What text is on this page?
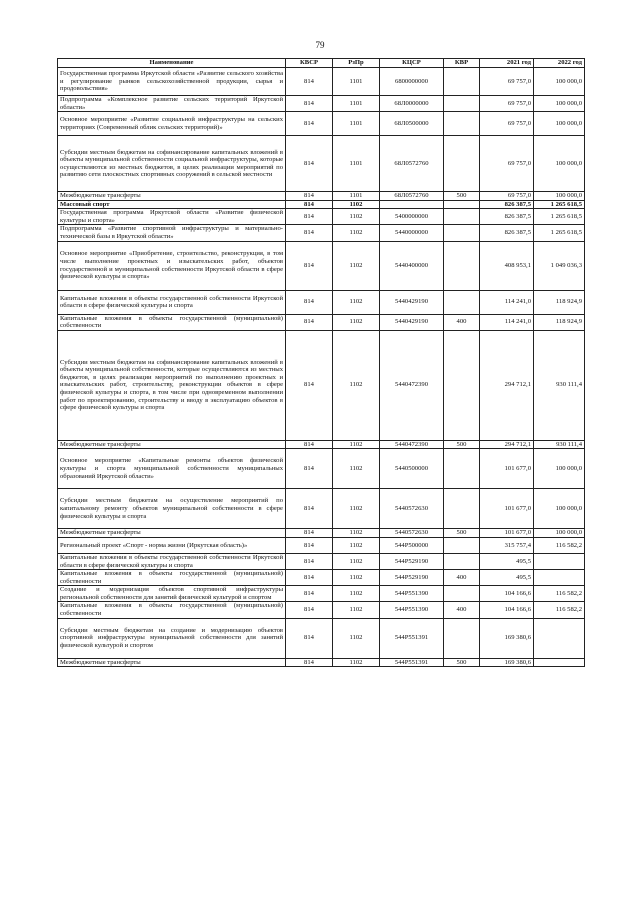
79
Наименование	КВСР	РзПр	КЦСР	КВР	2021 год	2022 год
Государственная программа Иркутской области «Развитие сельского хозяйства и регулирование рынков сельскохозяйственной продукции, сырья и продовольствия»	814	1101	6800000000		69 757,0	100 000,0
Подпрограмма «Комплексное развитие сельских территорий Иркутской области»	814	1101	68Л0000000		69 757,0	100 000,0
Основное мероприятие «Развитие социальной инфраструктуры на сельских территориях (Современный облик сельских территорий)»	814	1101	68Л0500000		69 757,0	100 000,0
Субсидии местным бюджетам на софинансирование капитальных вложений в объекты муниципальной собственности социальной инфраструктуры, которые осуществляются из местных бюджетов, в целях реализации мероприятий по развитию сети плоскостных спортивных сооружений в сельской местности	814	1101	68Л0572760		69 757,0	100 000,0
Межбюджетные трансферты	814	1101	68Л0572760	500	69 757,0	100 000,0
Массовый спорт	814	1102			826 387,5	1 265 618,5
Государственная программа Иркутской области «Развитие физической культуры и спорта»	814	1102	5400000000		826 387,5	1 265 618,5
Подпрограмма «Развитие спортивной инфраструктуры и материально- технической базы в Иркутской области»	814	1102	5440000000		826 387,5	1 265 618,5
Основное мероприятие «Приобретение, строительство, реконструкция, в том числе выполнение проектных и изыскательских работ, объектов государственной и муниципальной собственности Иркутской области в сфере физической культуры и спорта»	814	1102	5440400000		408 953,1	1 049 036,3
Капитальные вложения в объекты государственной собственности Иркутской области в сфере физической культуры и спорта	814	1102	5440429190		114 241,0	118 924,9
Капитальные вложения в объекты государственной (муниципальной) собственности	814	1102	5440429190	400	114 241,0	118 924,9
Субсидии местным бюджетам на софинансирование капитальных вложений в объекты муниципальной собственности, которые осуществляются из местных бюджетов, в целях реализации мероприятий по выполнению проектных и изыскательских работ, строительству, реконструкции объектов в сфере физической культуры и спорта, в том числе при одновременном выполнении работ по проектированию, строительству и вводу в эксплуатацию объектов в сфере физической культуры и спорта	814	1102	5440472390		294 712,1	930 111,4
Межбюджетные трансферты	814	1102	5440472390	500	294 712,1	930 111,4
Основное мероприятие «Капитальные ремонты объектов физической культуры и спорта муниципальной собственности муниципальных образований Иркутской области»	814	1102	5440500000		101 677,0	100 000,0
Субсидии местным бюджетам на осуществление мероприятий по капитальному ремонту объектов муниципальной собственности в сфере физической культуры и спорта	814	1102	5440572630		101 677,0	100 000,0
Межбюджетные трансферты	814	1102	5440572630	500	101 677,0	100 000,0
Региональный проект «Спорт - норма жизни (Иркутская область)»	814	1102	544P500000		315 757,4	116 582,2
Капитальные вложения в объекты государственной собственности Иркутской области в сфере физической культуры и спорта	814	1102	544P529190		495,5	
Капитальные вложения в объекты государственной (муниципальной) собственности	814	1102	544P529190	400	495,5	
Создание и модернизация объектов спортивной инфраструктуры региональной собственности для занятий физической культурой и спортом	814	1102	544P551390		104 166,6	116 582,2
Капитальные вложения в объекты государственной (муниципальной) собственности	814	1102	544P551390	400	104 166,6	116 582,2
Субсидии местным бюджетам на создание и модернизацию объектов спортивной инфраструктуры муниципальной собственности для занятий физической культурой и спортом	814	1102	544P551391		169 380,6	
Межбюджетные трансферты	814	1102	544P551391	500	169 380,6	
